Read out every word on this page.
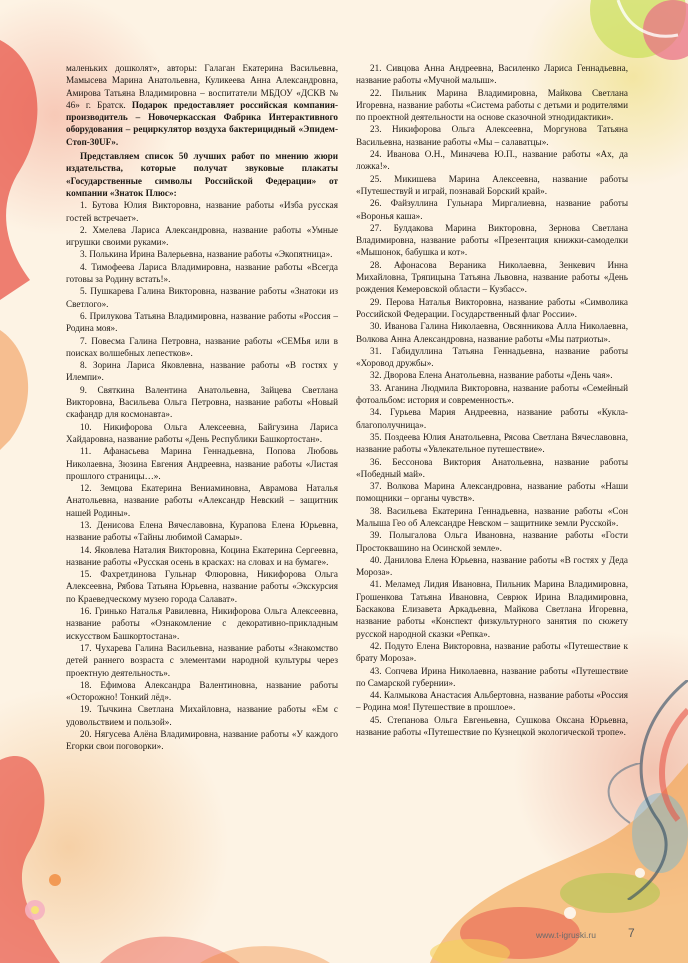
маленьких дошколят», авторы: Галаган Екатерина Васильевна, Мамысева Марина Анатольевна, Куликеева Анна Александровна, Амирова Татьяна Владимировна – воспитатели МБДОУ «ДСКВ № 46» г. Братск. Подарок предоставляет российская компания-производитель – Новочеркасская Фабрика Интерактивного оборудования – рециркулятор воздуха бактерицидный «Эпидем-Стоп-30UF».

Представляем список 50 лучших работ по мнению жюри издательства, которые получат звуковые плакаты «Государственные символы Российской Федерации» от компании «Знаток Плюс»:

1. Бутова Юлия Викторовна, название работы «Изба русская гостей встречает».

2. Хмелева Лариса Александровна, название работы «Умные игрушки своими руками».

3. Полькина Ирина Валерьевна, название работы «Экопятница».

4. Тимофеева Лариса Владимировна, название работы «Всегда готовы за Родину встать!».

5. Пушкарева Галина Викторовна, название работы «Знатоки из Светлого».

6. Прилукова Татьяна Владимировна, название работы «Россия – Родина моя».

7. Повесма Галина Петровна, название работы «СЕМЬя или в поисках волшебных лепестков».

8. Зорина Лариса Яковлевна, название работы «В гостях у Илемпи».

9. Святкина Валентина Анатольевна, Зайцева Светлана Викторовна, Васильева Ольга Петровна, название работы «Новый скафандр для космонавта».

10. Никифорова Ольга Алексеевна, Байгузина Лариса Хайдаровна, название работы «День Республики Башкортостан».

11. Афанасьева Марина Геннадьевна, Попова Любовь Николаевна, Зюзина Евгения Андреевна, название работы «Листая прошлого страницы…».

12. Земцова Екатерина Вениаминовна, Аврамова Наталья Анатольевна, название работы «Александр Невский – защитник нашей Родины».

13. Денисова Елена Вячеславовна, Курапова Елена Юрьевна, название работы «Тайны любимой Самары».

14. Яковлева Наталия Викторовна, Коцина Екатерина Сергеевна, название работы «Русская осень в красках: на словах и на бумаге».

15. Фахретдинова Гульнар Флюровна, Никифорова Ольга Алексеевна, Рябова Татьяна Юрьевна, название работы «Экскурсия по Краеведческому музею города Салават».

16. Гринько Наталья Равилевна, Никифорова Ольга Алексеевна, название работы «Ознакомление с декоративно-прикладным искусством Башкортостана».

17. Чухарева Галина Васильевна, название работы «Знакомство детей раннего возраста с элементами народной культуры через проектную деятельность».

18. Ефимова Александра Валентиновна, название работы «Осторожно! Тонкий лёд».

19. Тычкина Светлана Михайловна, название работы «Ем с удовольствием и пользой».

20. Нягусева Алёна Владимировна, название работы «У каждого Егорки свои поговорки».

21. Сивцова Анна Андреевна, Василенко Лариса Геннадьевна, название работы «Мучной малыш».

22. Пильник Марина Владимировна, Майкова Светлана Игоревна, название работы «Система работы с детьми и родителями по проектной деятельности на основе сказочной этнодидактики».

23. Никифорова Ольга Алексеевна, Моргунова Татьяна Васильевна, название работы «Мы – салаватцы».

24. Иванова О.Н., Миначева Ю.П., название работы «Ах, да ложка!».

25. Микишева Марина Алексеевна, название работы «Путешествуй и играй, познавай Борский край».

26. Файзуллина Гульнара Миргалиевна, название работы «Воронья каша».

27. Булдакова Марина Викторовна, Зернова Светлана Владимировна, название работы «Презентация книжки-самоделки «Мышонок, бабушка и кот».

28. Афонасова Вераника Николаевна, Зенкевич Инна Михайловна, Тряпицына Татьяна Львовна, название работы «День рождения Кемеровской области – Кузбасс».

29. Перова Наталья Викторовна, название работы «Символика Российской Федерации. Государственный флаг России».

30. Иванова Галина Николаевна, Овсянникова Алла Николаевна, Волкова Анна Александровна, название работы «Мы патриоты».

31. Габидуллина Татьяна Геннадьевна, название работы «Хоровод дружбы».

32. Дворова Елена Анатольевна, название работы «День чая».

33. Аганина Людмила Викторовна, название работы «Семейный фотоальбом: история и современность».

34. Гурьева Мария Андреевна, название работы «Кукла-благополучница».

35. Поздеева Юлия Анатольевна, Рясова Светлана Вячеславовна, название работы «Увлекательное путешествие».

36. Бессонова Виктория Анатольевна, название работы «Победный май».

37. Волкова Марина Александровна, название работы «Наши помощники – органы чувств».

38. Васильева Екатерина Геннадьевна, название работы «Сон Малыша Гео об Александре Невском – защитнике земли Русской».

39. Полыгалова Ольга Ивановна, название работы «Гости Простоквашино на Осинской земле».

40. Данилова Елена Юрьевна, название работы «В гостях у Деда Мороза».

41. Меламед Лидия Ивановна, Пильник Марина Владимировна, Грошенкова Татьяна Ивановна, Севрюк Ирина Владимировна, Баскакова Елизавета Аркадьевна, Майкова Светлана Игоревна, название работы «Конспект физкультурного занятия по сюжету русской народной сказки «Репка».

42. Подуто Елена Викторовна, название работы «Путешествие к брату Мороза».

43. Сопчева Ирина Николаевна, название работы «Путешествие по Самарской губернии».

44. Калмыкова Анастасия Альбертовна, название работы «Россия – Родина моя! Путешествие в прошлое».

45. Степанова Ольга Евгеньевна, Сушкова Оксана Юрьевна, название работы «Путешествие по Кузнецкой экологической тропе».

www.t-igruski.ru	7
